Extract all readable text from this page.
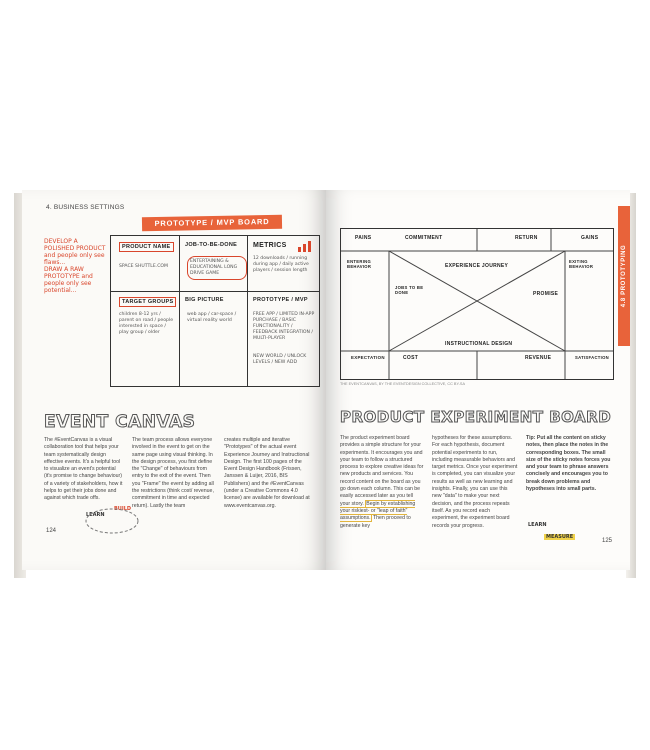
4. BUSINESS SETTINGS
PROTOTYPE / MVP BOARD
DEVELOP A POLISHED PRODUCT and people only see flaws...
DRAW A RAW PROTOTYPE and people only see potential...
PRODUCT NAME
SPACE SHUTTLE.COM
JOB-TO-BE-DONE
ENTERTAINING & EDUCATIONAL LONG DRIVE GAME
METRICS
12 downloads / running during app / daily active players / session length
TARGET GROUPS
children 8-12 yrs / parent on road / people interested in space / play group / older
BIG PICTURE
web app / car-space / virtual reality world
PROTOTYPE / MVP
FREE APP / LIMITED IN-APP PURCHASE / BASIC FUNCTIONALITY / FEEDBACK INTEGRATION / MULTI-PLAYER
NEW WORLD / UNLOCK LEVELS / NEW ADD
EVENT CANVAS
The #EventCanvas is a visual collaboration tool that helps your team systematically design effective events. It's a helpful tool to visualize an event's potential (it's promise to change behaviour) of a variety of stakeholders, how it helps to get their jobs done and against which trade offs.
The team process allows everyone involved in the event to get on the same page using visual thinking. In the design process, you first define the "Change" of behaviours from entry to the exit of the event. Then you "Frame" the event by adding all the restrictions (think cost/ revenue, commitment in time and expected return). Lastly the team
creates multiple and iterative "Prototypes" of the actual event Experience Journey and Instructional Design. The first 100 pages of the Event Design Handbook (Frissen, Janssen & Luijer, 2016, BIS Publishers) and the #EventCanvas (under a Creative Commons 4.0 license) are available for download at www.eventcanvas.org.
LEARN
BUILD
124
4.8 PROTOTYPING
PAINS	COMMITMENT	RETURN	GAINS
ENTERING BEHAVIOR
EXITING BEHAVIOR
EXPERIENCE JOURNEY
JOBS TO BE DONE	PROMISE
INSTRUCTIONAL DESIGN
EXPECTATION	COST	REVENUE	SATISFACTION
THE EVENTCANVAS, BY THE EVENTDESIGN COLLECTIVE, CC BY-SA
PRODUCT EXPERIMENT BOARD
The product experiment board provides a simple structure for your experiments. It encourages you and your team to follow a structured process to explore creative ideas for new products and services. You record content on the board as you go down each column. This can be easily accessed later as you tell your story. Begin by establishing your riskiest- or "leap of faith" assumptions. Then proceed to generate key
hypotheses for these assumptions. For each hypothesis, document potential experiments to run, including measurable behaviors and target metrics. Once your experiment is completed, you can visualize your results as well as new learning and insights. Finally, you can use this new "data" to make your next decision, and the process repeats itself. As you record each experiment, the experiment board records your progress.
Tip: Put all the content on sticky notes, then place the notes in the corresponding boxes. The small size of the sticky notes forces you and your team to phrase answers concisely and encourages you to break down problems and hypotheses into small parts.
LEARN
MEASURE
125
